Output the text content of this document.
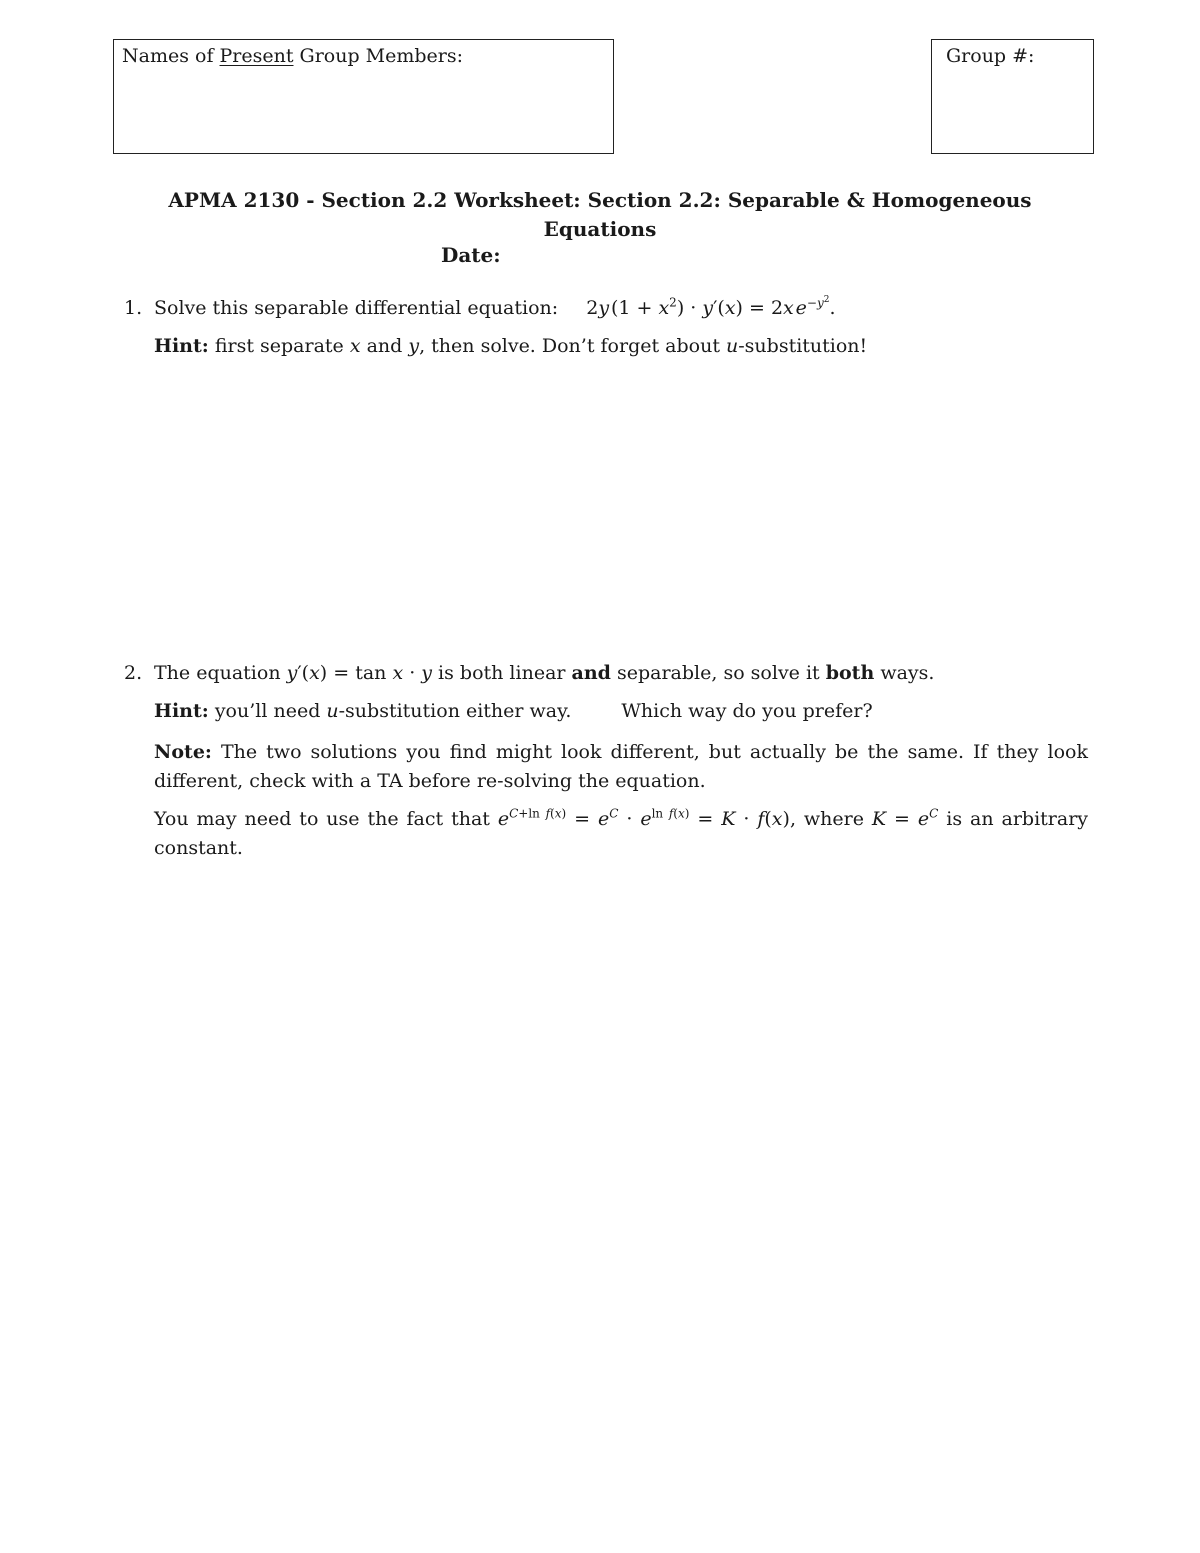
Names of Present Group Members:	Group #:
APMA 2130 - Section 2.2 Worksheet: Section 2.2: Separable & Homogeneous
Equations
Date:
1. Solve this separable differential equation: 2y $(1 + x^2) \cdot y'(x) = 2x$  $e^{-y^2}$.
Hint: first separate x and y, then solve. Don’t forget about u-substitution!
2. The equation y′(x) = tan x · y is both linear and separable, so solve it both ways.
Hint: you’ll need u-substitution either way.	Which way do you prefer?
Note: The two solutions you find might look different, but actually be the same. If they look different, check with a TA before re-solving the equation.
You may need to use the fact that $e^{C+ln f(x)} = e^C \cdot e^{ln f(x)} = K \cdot f(x)$, where $K = e^C$ is an arbitrary constant.
